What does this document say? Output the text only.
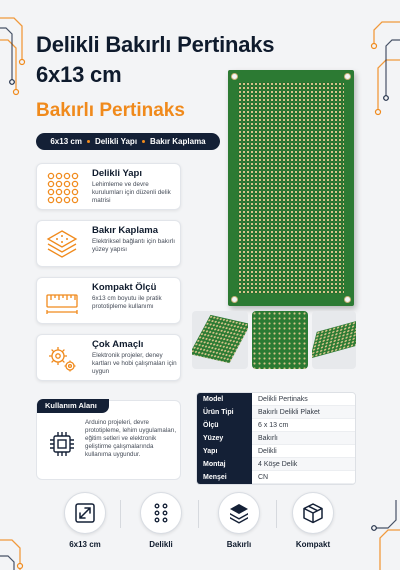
Delikli Bakırlı Pertinaks
6x13 cm
Bakırlı Pertinaks
6x13 cm Delikli Yapı Bakır Kaplama
Delikli Yapı
Lehimleme ve devre kurulumları için düzenli delik matrisi
Bakır Kaplama
Elektriksel bağlantı için bakırlı yüzey yapısı
Kompakt Ölçü
6x13 cm boyutu ile pratik prototipleme kullanımı
Çok Amaçlı
Elektronik projeler, deney kartları ve hobi çalışmaları için uygun
Kullanım Alanı
Arduino projeleri, devre prototipleme, lehim uygulamaları, eğitim setleri ve elektronik geliştirme çalışmalarında kullanıma uygundur.
Model	Delikli Pertinaks
Ürün Tipi	Bakırlı Delikli Plaket
Ölçü	6 x 13 cm
Yüzey	Bakırlı
Yapı	Delikli
Montaj	4 Köşe Delik
Menşei	CN
6x13 cm	Delikli	Bakırlı	Kompakt
